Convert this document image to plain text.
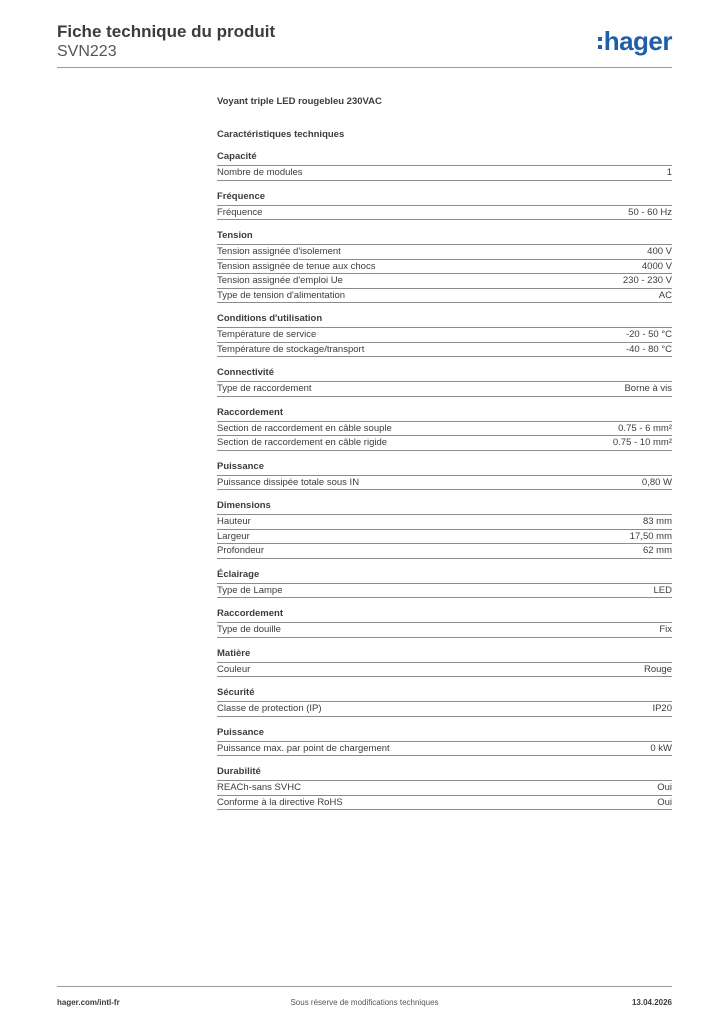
Fiche technique du produit
SVN223	hager
Voyant triple LED rougebleu 230VAC
Caractéristiques techniques
Capacité
Nombre de modules	1
Fréquence
Fréquence	50 - 60 Hz
Tension
Tension assignée d'isolement	400 V
Tension assignée de tenue aux chocs	4000 V
Tension assignée d'emploi Ue	230 - 230 V
Type de tension d'alimentation	AC
Conditions d'utilisation
Température de service	-20 - 50 °C
Température de stockage/transport	-40 - 80 °C
Connectivité
Type de raccordement	Borne à vis
Raccordement
Section de raccordement en câble souple	0.75 - 6 mm²
Section de raccordement en câble rigide	0.75 - 10 mm²
Puissance
Puissance dissipée totale sous IN	0,80 W
Dimensions
Hauteur	83 mm
Largeur	17,50 mm
Profondeur	62 mm
Éclairage
Type de Lampe	LED
Raccordement
Type de douille	Fix
Matière
Couleur	Rouge
Sécurité
Classe de protection (IP)	IP20
Puissance
Puissance max. par point de chargement	0 kW
Durabilité
REACh-sans SVHC	Oui
Conforme à la directive RoHS	Oui
hager.com/intl-fr	Sous réserve de modifications techniques	13.04.2026
